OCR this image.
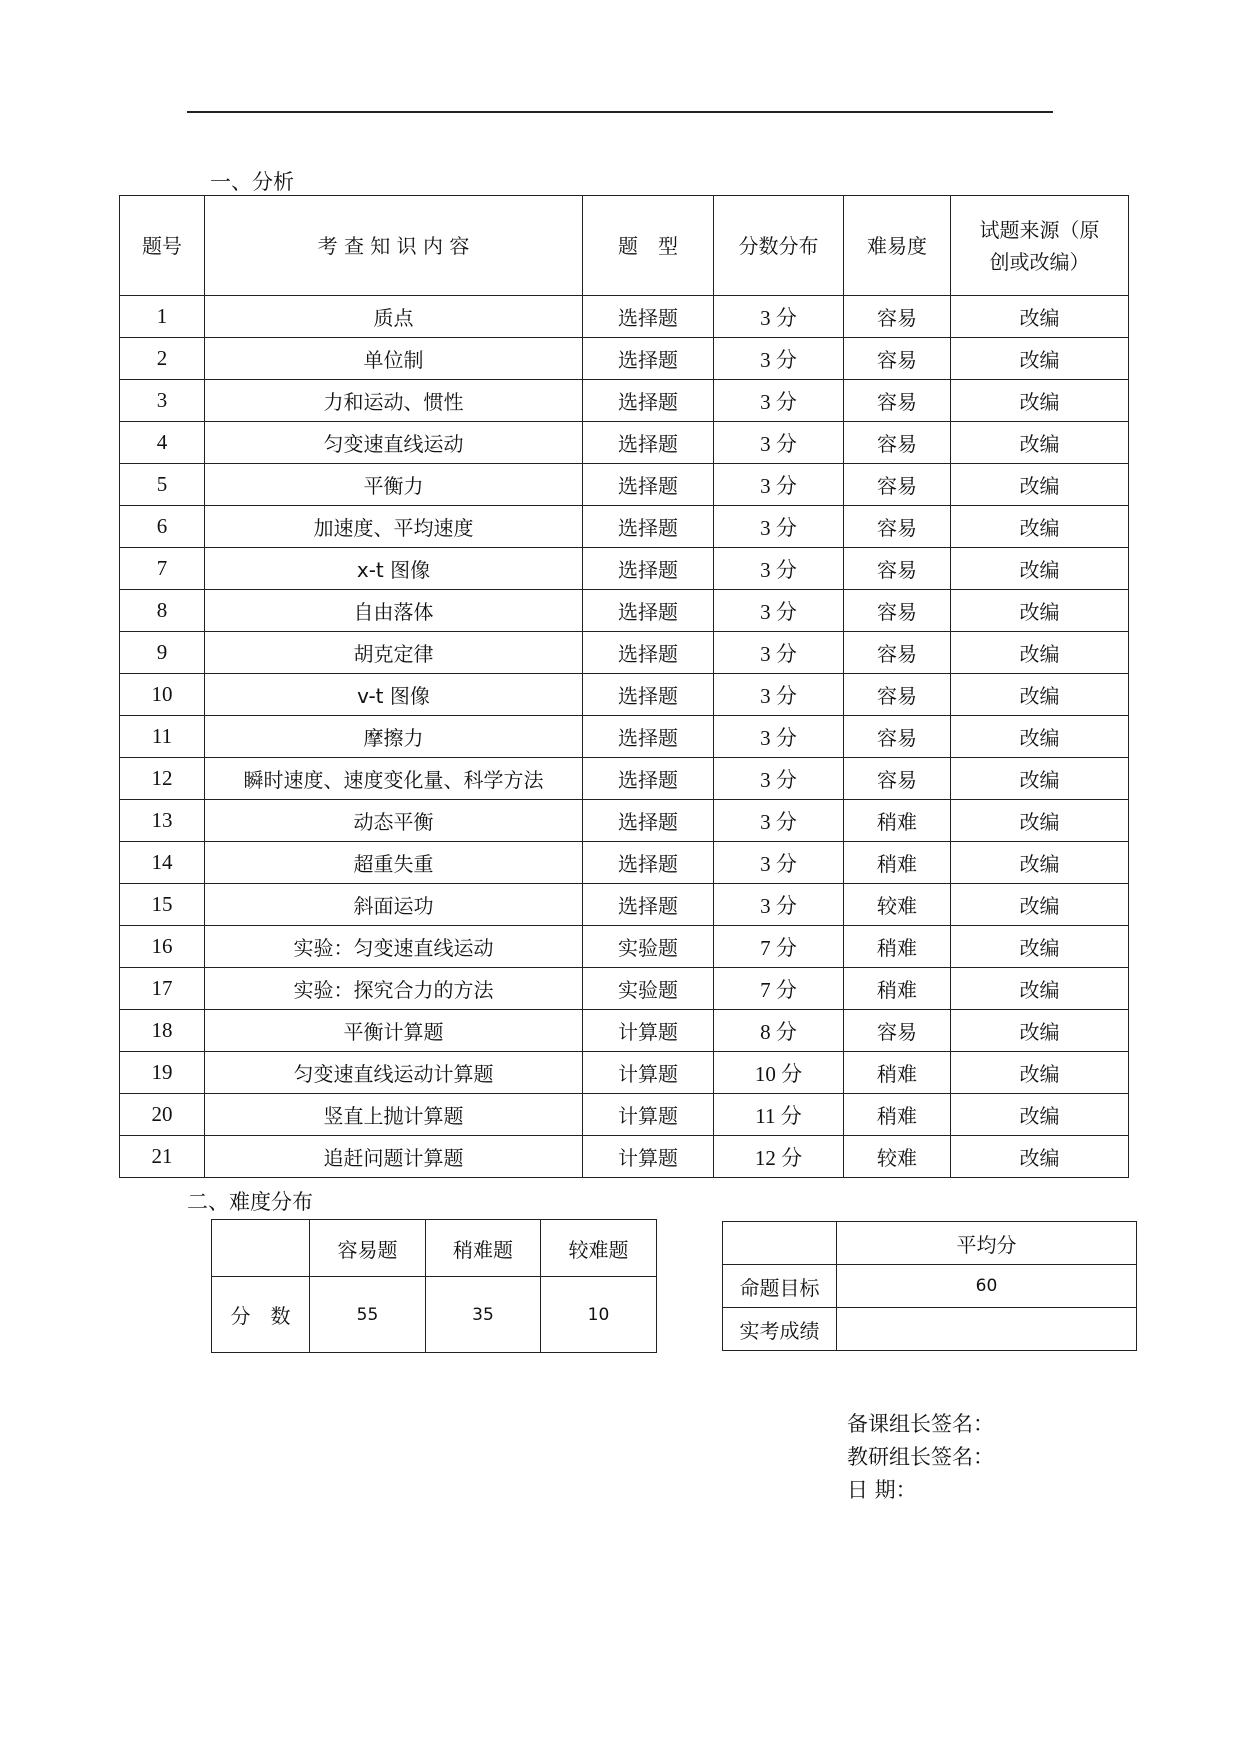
一、分析
题号	考 查 知 识 内 容	题　型	分数分布	难易度	试题来源（原创或改编）
1	质点	选择题	3 分	容易	改编
2	单位制	选择题	3 分	容易	改编
3	力和运动、惯性	选择题	3 分	容易	改编
4	匀变速直线运动	选择题	3 分	容易	改编
5	平衡力	选择题	3 分	容易	改编
6	加速度、平均速度	选择题	3 分	容易	改编
7	x-t 图像	选择题	3 分	容易	改编
8	自由落体	选择题	3 分	容易	改编
9	胡克定律	选择题	3 分	容易	改编
10	v-t 图像	选择题	3 分	容易	改编
11	摩擦力	选择题	3 分	容易	改编
12	瞬时速度、速度变化量、科学方法	选择题	3 分	容易	改编
13	动态平衡	选择题	3 分	稍难	改编
14	超重失重	选择题	3 分	稍难	改编
15	斜面运功	选择题	3 分	较难	改编
16	实验：匀变速直线运动	实验题	7 分	稍难	改编
17	实验：探究合力的方法	实验题	7 分	稍难	改编
18	平衡计算题	计算题	8 分	容易	改编
19	匀变速直线运动计算题	计算题	10 分	稍难	改编
20	竖直上抛计算题	计算题	11 分	稍难	改编
21	追赶问题计算题	计算题	12 分	较难	改编
二、难度分布
	容易题	稍难题	较难题
分　数	55	35	10
	平均分
命题目标	60
实考成绩	
备课组长签名：
教研组长签名：
日 期：
